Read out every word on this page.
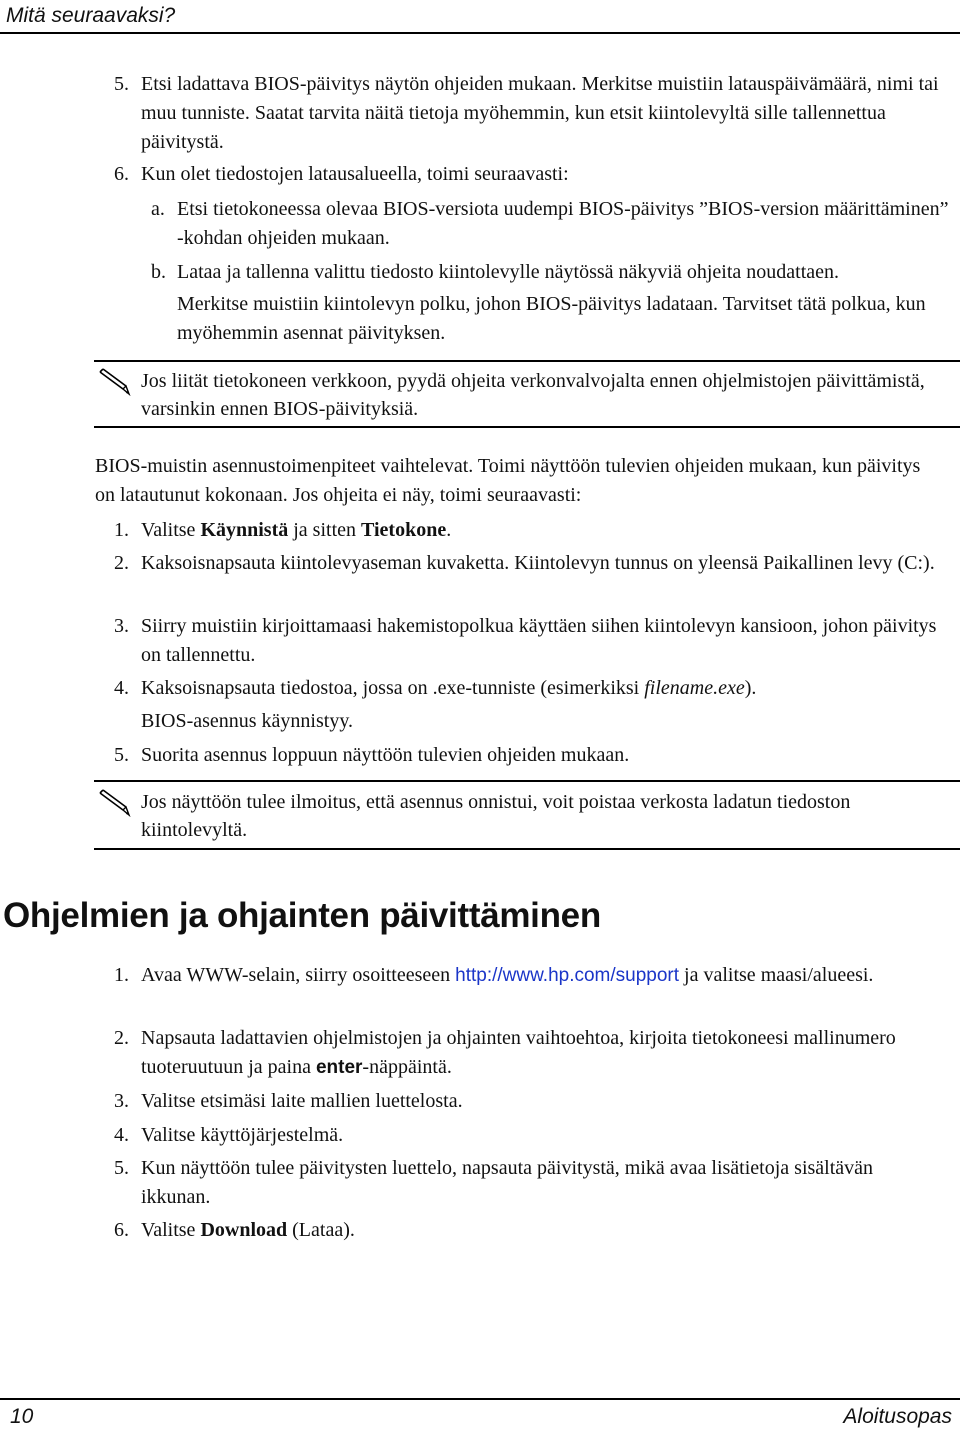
Mitä seuraavaksi?
5. Etsi ladattava BIOS-päivitys näytön ohjeiden mukaan. Merkitse muistiin latauspäivämäärä, nimi tai muu tunniste. Saatat tarvita näitä tietoja myöhemmin, kun etsit kiintolevyltä sille tallennettua päivitystä.
6. Kun olet tiedostojen latausalueella, toimi seuraavasti:
a. Etsi tietokoneessa olevaa BIOS-versiota uudempi BIOS-päivitys ”BIOS-version määrittäminen” -kohdan ohjeiden mukaan.
b. Lataa ja tallenna valittu tiedosto kiintolevylle näytössä näkyviä ohjeita noudattaen.
Merkitse muistiin kiintolevyn polku, johon BIOS-päivitys ladataan. Tarvitset tätä polkua, kun myöhemmin asennat päivityksen.
Jos liität tietokoneen verkkoon, pyydä ohjeita verkonvalvojalta ennen ohjelmistojen päivittämistä, varsinkin ennen BIOS-päivityksiä.
BIOS-muistin asennustoimenpiteet vaihtelevat. Toimi näyttöön tulevien ohjeiden mukaan, kun päivitys on latautunut kokonaan. Jos ohjeita ei näy, toimi seuraavasti:
1. Valitse Käynnistä ja sitten Tietokone.
2. Kaksoisnapsauta kiintolevyaseman kuvaketta. Kiintolevyn tunnus on yleensä Paikallinen levy (C:).
3. Siirry muistiin kirjoittamaasi hakemistopolkua käyttäen siihen kiintolevyn kansioon, johon päivitys on tallennettu.
4. Kaksoisnapsauta tiedostoa, jossa on .exe-tunniste (esimerkiksi filename.exe).
BIOS-asennus käynnistyy.
5. Suorita asennus loppuun näyttöön tulevien ohjeiden mukaan.
Jos näyttöön tulee ilmoitus, että asennus onnistui, voit poistaa verkosta ladatun tiedoston kiintolevyltä.
Ohjelmien ja ohjainten päivittäminen
1. Avaa WWW-selain, siirry osoitteeseen http://www.hp.com/support ja valitse maasi/alueesi.
2. Napsauta ladattavien ohjelmistojen ja ohjainten vaihtoehtoa, kirjoita tietokoneesi mallinumero tuoteruutuun ja paina enter-näppäintä.
3. Valitse etsimäsi laite mallien luettelosta.
4. Valitse käyttöjärjestelmä.
5. Kun näyttöön tulee päivitysten luettelo, napsauta päivitystä, mikä avaa lisätietoja sisältävän ikkunan.
6. Valitse Download (Lataa).
10	Aloitusopas
